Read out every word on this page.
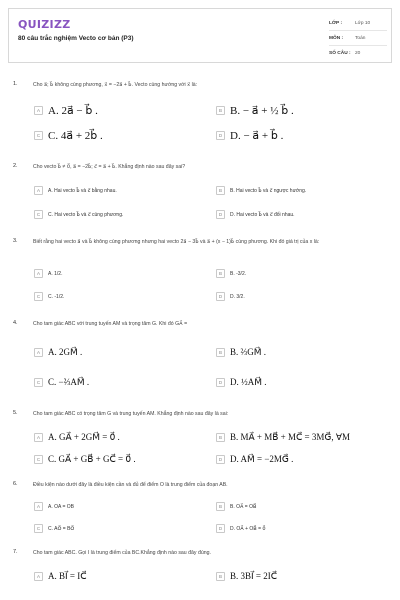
QUIZIZZ
80 câu trắc nghiệm Vecto cơ bản (P3)
LỚP :	Lớp 10
MÔN :	Toán
SỐ CÂU : 20
1.	Cho a⃗; b⃗ không cùng phương, x⃗ = −2a⃗ + b⃗. Vecto cùng hướng với x⃗ là:
A A. 2a⃗ − b⃗ .	B B. − a⃗ + ½ b⃗ .
C C. 4a⃗ + 2b⃗ .	D D. − a⃗ + b⃗ .
2.	Cho vecto b⃗ ≠ 0⃗, a⃗ = −2b⃗; c⃗ = a⃗ + b⃗. Khẳng định nào sau đây sai?
A	A. Hai vecto b⃗ và c⃗ bằng nhau.	B	B. Hai vecto b⃗ và c⃗ ngược hướng.
C	C. Hai vecto b⃗ và c⃗ cùng phương.	D	D. Hai vecto b⃗ và c⃗ đối nhau.
3.	Biết rằng hai vecto a⃗ và b⃗ không cùng phương nhưng hai vecto 2a⃗ − 3b⃗ và a⃗ + (x − 1)b⃗ cùng phương. Khi đó giá trị của x là:
A	A. 1/2.	B	B. -3/2.
C	C. -1/2.	D	D. 3/2.
4.	Cho tam giác ABC với trung tuyến AM và trọng tâm G. Khi đó GA⃗ =
A A. 2GM⃗ .	B B. ⅔GM⃗ .
C C. −⅔AM⃗ .	D D. ½AM⃗ .
5.	Cho tam giác ABC có trọng tâm G và trung tuyến AM. Khẳng định nào sau đây là sai:
A A. GA⃗ + 2GM⃗ = 0⃗ .	B B. MA⃗ + MB⃗ + MC⃗ = 3MG⃗, ∀M
C C. GA⃗ + GB⃗ + GC⃗ = 0⃗ .	D D. AM⃗ = −2MG⃗ .
6.	Điều kiện nào dưới đây là điều kiện cần và đủ để điểm O là trung điểm của đoạn AB.
A	A. OA = OB	B	B. OA⃗ = OB⃗
C	C. AO⃗ = BO⃗	D	D. OA⃗ + OB⃗ = 0⃗
7.	Cho tam giác ABC. Gọi I là trung điểm của BC.Khẳng định nào sau đây đúng.
A A. BI⃗ = IC⃗	B B. 3BI⃗ = 2IC⃗
